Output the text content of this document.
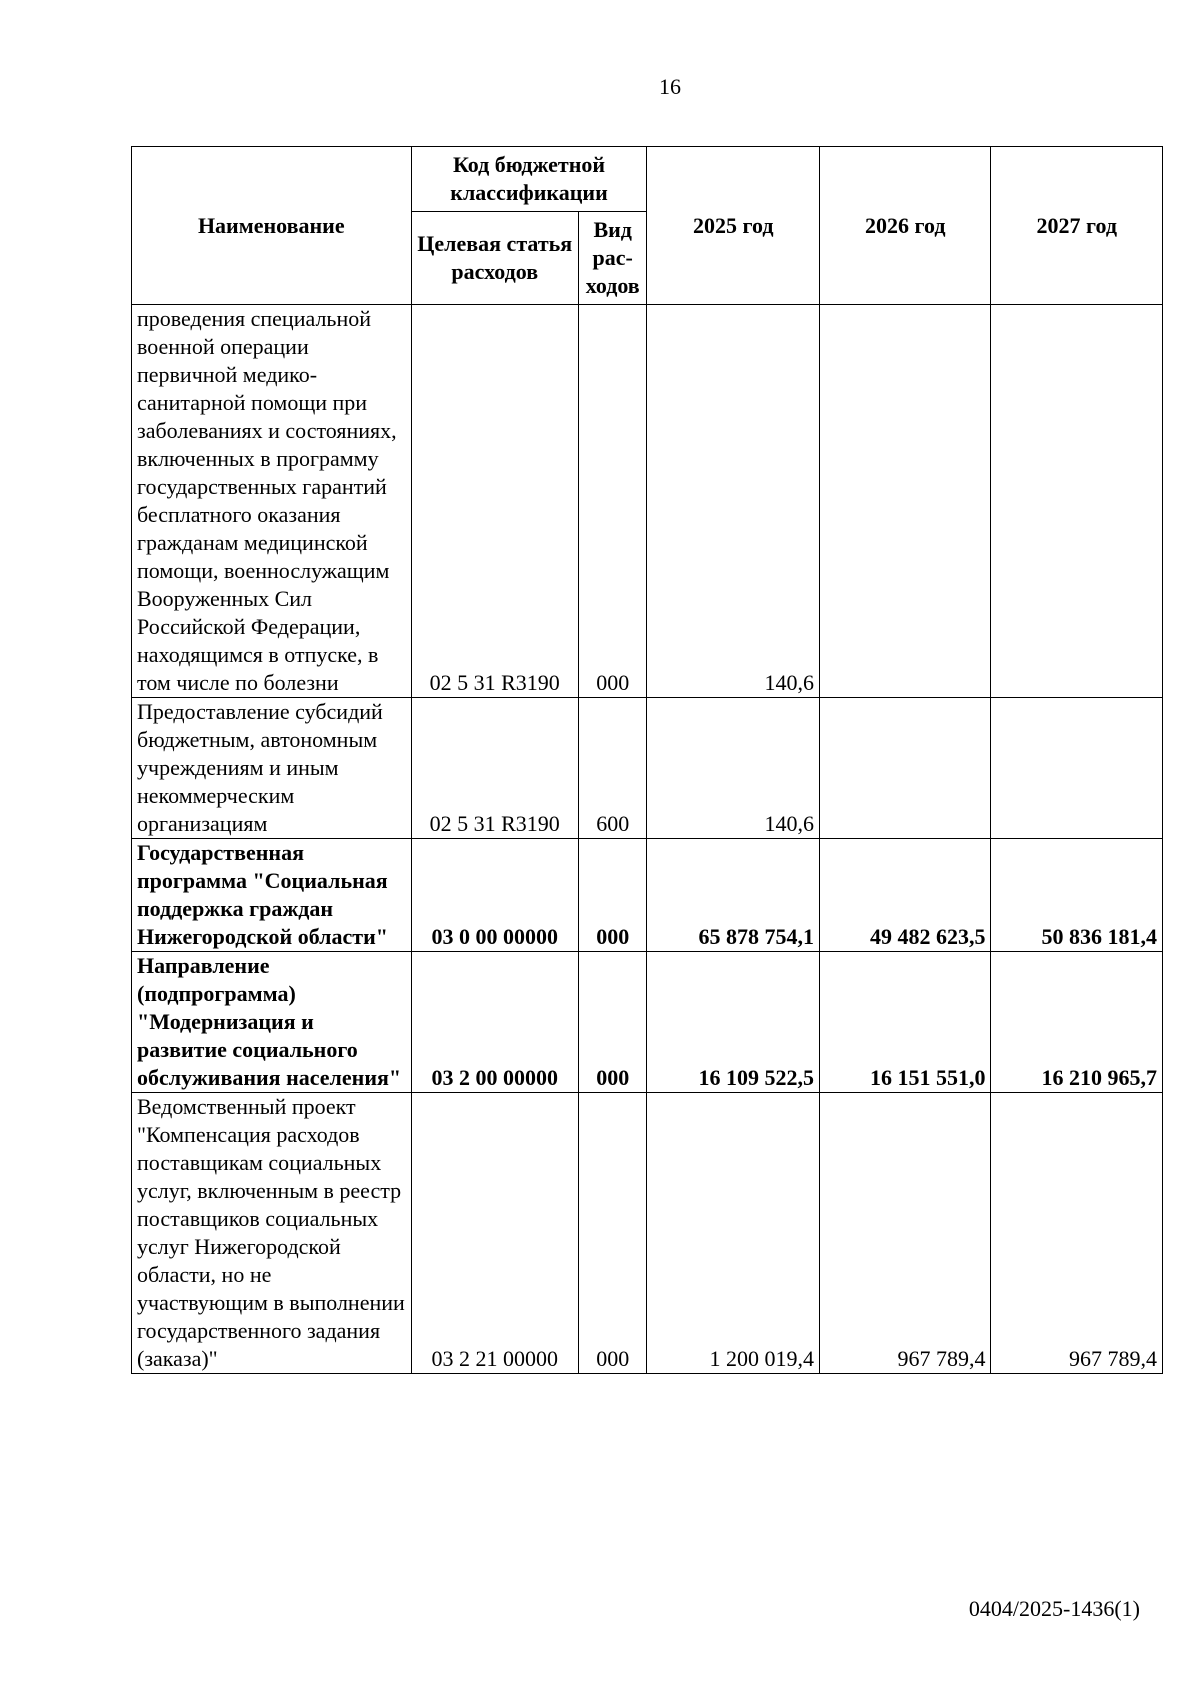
16
Наименование	Код бюджетной классификации		2025 год	2026 год	2027 год
	Целевая статья расходов	Вид рас-ходов			
проведения специальной военной операции первичной медико-санитарной помощи при заболеваниях и состояниях, включенных в программу государственных гарантий бесплатного оказания гражданам медицинской помощи, военнослужащим Вооруженных Сил Российской Федерации, находящимся в отпуске, в том числе по болезни	02 5 31 R3190	000	140,6		
Предоставление субсидий бюджетным, автономным учреждениям и иным некоммерческим организациям	02 5 31 R3190	600	140,6		
Государственная программа "Социальная поддержка граждан Нижегородской области"	03 0 00 00000	000	65 878 754,1	49 482 623,5	50 836 181,4
Направление (подпрограмма) "Модернизация и развитие социального обслуживания населения"	03 2 00 00000	000	16 109 522,5	16 151 551,0	16 210 965,7
Ведомственный проект "Компенсация расходов поставщикам социальных услуг, включенным в реестр поставщиков социальных услуг Нижегородской области, но не участвующим в выполнении государственного задания (заказа)"	03 2 21 00000	000	1 200 019,4	967 789,4	967 789,4
0404/2025-1436(1)
